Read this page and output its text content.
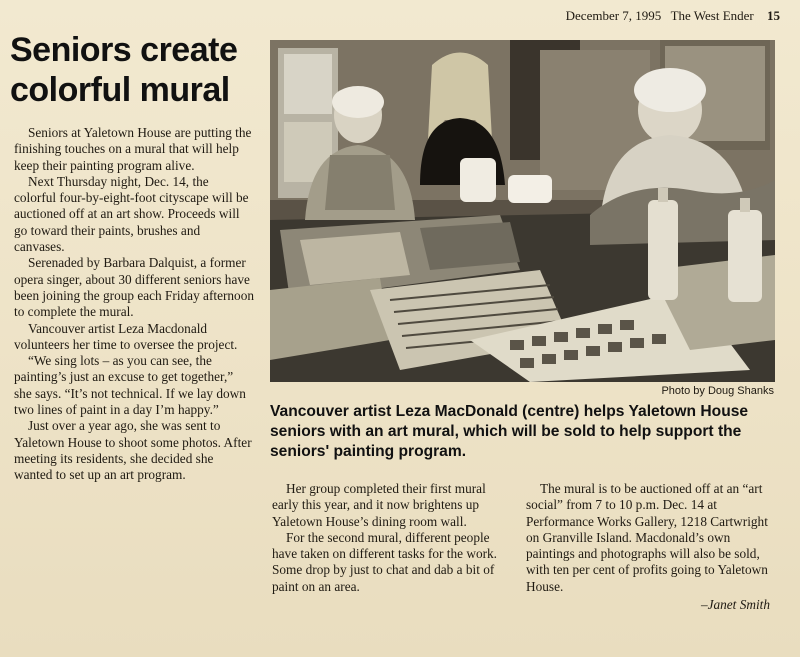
December 7, 1995 The West Ender 15
Seniors create
colorful mural

Seniors at Yaletown House are putting the finishing touches on a mural that will help keep their painting program alive.

Next Thursday night, Dec. 14, the colorful four-by-eight-foot cityscape will be auctioned off at an art show. Proceeds will go toward their paints, brushes and canvases.

Serenaded by Barbara Dalquist, a former opera singer, about 30 different seniors have been joining the group each Friday afternoon to complete the mural.

Vancouver artist Leza Macdonald volunteers her time to oversee the project.

“We sing lots – as you can see, the painting’s just an excuse to get together,” she says. “It’s not technical. If we lay down two lines of paint in a day I’m happy.”

Just over a year ago, she was sent to Yaletown House to shoot some photos. After meeting its residents, she decided she wanted to set up an art program.

Photo by Doug Shanks
Vancouver artist Leza MacDonald (centre) helps Yaletown House seniors with an art mural, which will be sold to help support the seniors' painting program.

Her group completed their first mural early this year, and it now brightens up Yaletown House’s dining room wall.

For the second mural, different people have taken on different tasks for the work. Some drop by just to chat and dab a bit of paint on an area.

The mural is to be auctioned off at an “art social” from 7 to 10 p.m. Dec. 14 at Performance Works Gallery, 1218 Cartwright on Granville Island. Macdonald’s own paintings and photographs will also be sold, with ten per cent of profits going to Yaletown House.

–Janet Smith
